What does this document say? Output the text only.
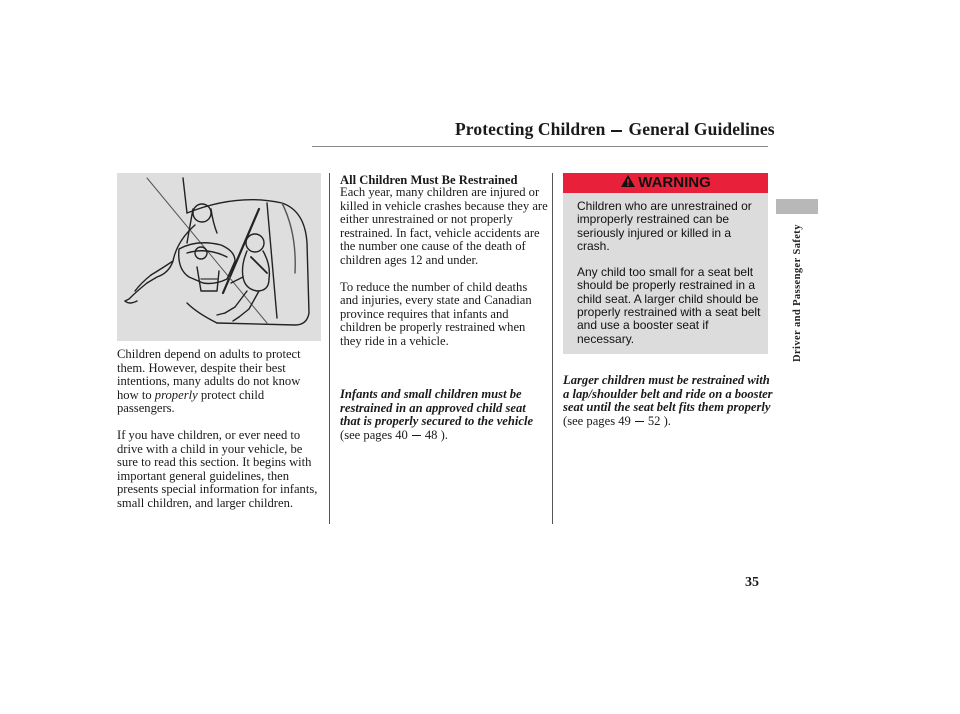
Protecting Children General Guidelines

Children depend on adults to protect them. However, despite their best intentions, many adults do not know how to properly protect child passengers.

If you have children, or ever need to drive with a child in your vehicle, be sure to read this section. It begins with important general guidelines, then presents special information for infants, small children, and larger children.

All Children Must Be Restrained

Each year, many children are injured or killed in vehicle crashes because they are either unrestrained or not properly restrained. In fact, vehicle accidents are the number one cause of the death of children ages 12 and under.

To reduce the number of child deaths and injuries, every state and Canadian province requires that infants and children be properly restrained when they ride in a vehicle.

Infants and small children must be restrained in an approved child seat that is properly secured to the vehicle (see pages 40 48 ).

WARNING

Children who are unrestrained or improperly restrained can be seriously injured or killed in a crash.

Any child too small for a seat belt should be properly restrained in a child seat. A larger child should be properly restrained with a seat belt and use a booster seat if necessary.

Larger children must be restrained with a lap/shoulder belt and ride on a booster seat until the seat belt fits them properly (see pages 49 52 ).

Driver and Passenger Safety
35
